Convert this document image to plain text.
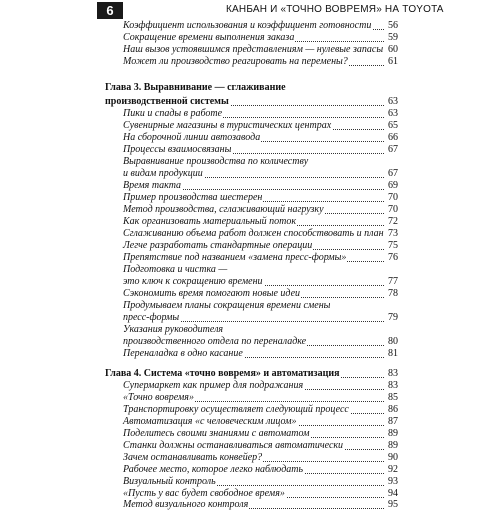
6	КАНБАН И «ТОЧНО ВОВРЕМЯ» НА TOYOTA
Коэффициент использования и коэффициент готовности	56
Сокращение времени выполнения заказа	59
Наш вызов устоявшимся представлениям — нулевые запасы 60
Может ли производство реагировать на перемены?	61
Глава 3. Выравнивание — сглаживание
производственной системы	63
Пики и спады в работе	63
Сувенирные магазины в туристических центрах	65
На сборочной линии автозавода	66
Процессы взаимосвязаны	67
Выравнивание производства по количеству
и видам продукции	67
Время такта	69
Пример производства шестерен	70
Метод производства, сглаживающий нагрузку	70
Как организовать материальный поток	72
Сглаживанию объема работ должен способствовать и план 73
Легче разработать стандартные операции	75
Препятствие под названием «замена пресс-формы»	76
Подготовка и чистка —
это ключ к сокращению времени	77
Сэкономить время помогают новые идеи	78
Продумываем планы сокращения времени смены
пресс-формы	79
Указания руководителя
производственного отдела по переналадке	80
Переналадка в одно касание	81
Глава 4. Система «точно вовремя» и автоматизация	83
Супермаркет как пример для подражания	83
«Точно вовремя»	85
Транспортировку осуществляет следующий процесс	86
Автоматизация «с человеческим лицом»	87
Поделитесь своими знаниями с автоматом	89
Станки должны останавливаться автоматически	89
Зачем останавливать конвейер?	90
Рабочее место, которое легко наблюдать	92
Визуальный контроль	93
«Пусть у вас будет свободное время»	94
Метод визуального контроля	95
